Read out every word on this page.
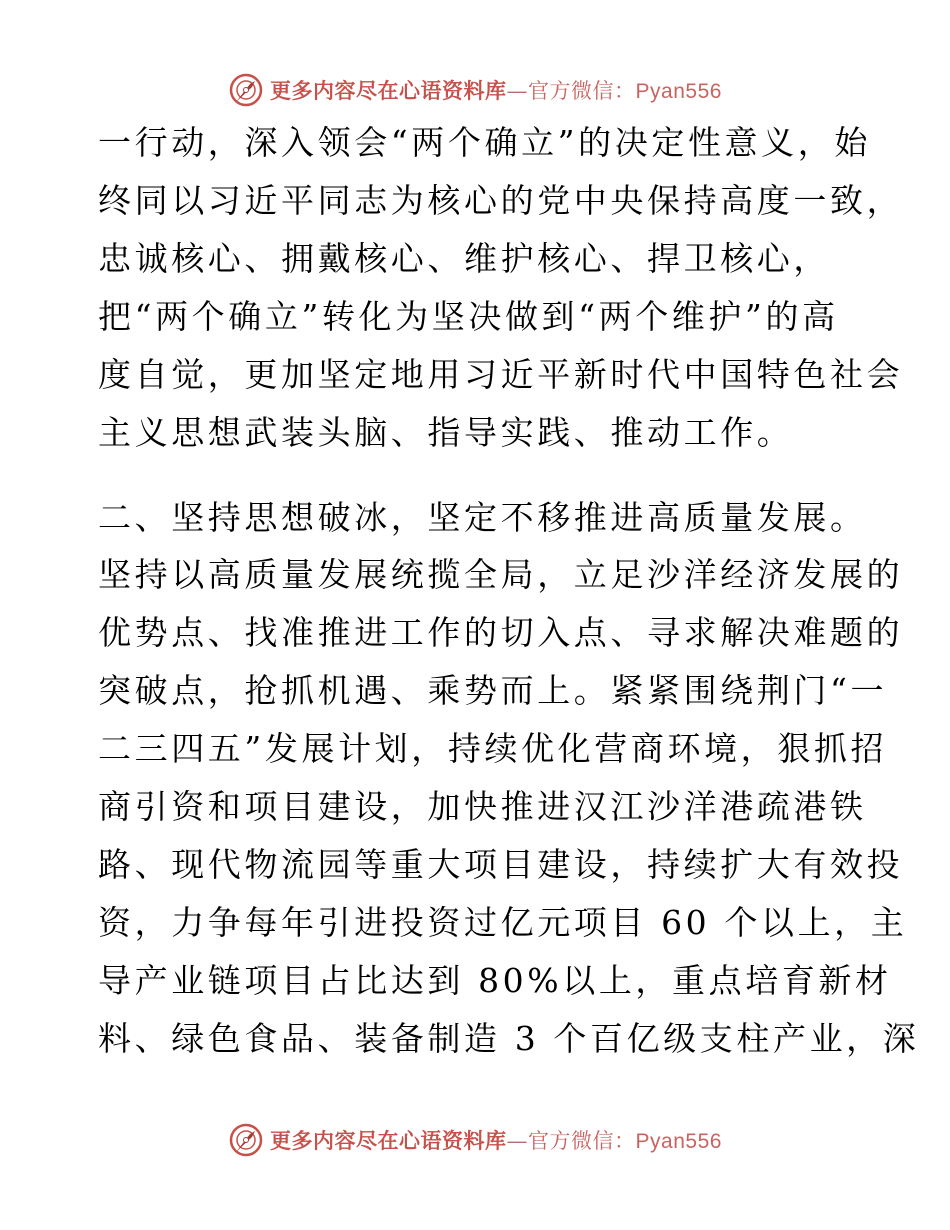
更多内容尽在心语资料库—官方微信：Pyan556
一行动，深入领会“两个确立”的决定性意义，始
终同以习近平同志为核心的党中央保持高度一致，
忠诚核心、拥戴核心、维护核心、捍卫核心，
把“两个确立”转化为坚决做到“两个维护”的高
度自觉，更加坚定地用习近平新时代中国特色社会
主义思想武装头脑、指导实践、推动工作。
二、坚持思想破冰，坚定不移推进高质量发展。
坚持以高质量发展统揽全局，立足沙洋经济发展的
优势点、找准推进工作的切入点、寻求解决难题的
突破点，抢抓机遇、乘势而上。紧紧围绕荆门“一
二三四五”发展计划，持续优化营商环境，狠抓招
商引资和项目建设，加快推进汉江沙洋港疏港铁
路、现代物流园等重大项目建设，持续扩大有效投
资，力争每年引进投资过亿元项目 60 个以上，主
导产业链项目占比达到 80%以上，重点培育新材
料、绿色食品、装备制造 3 个百亿级支柱产业，深
更多内容尽在心语资料库—官方微信：Pyan556
